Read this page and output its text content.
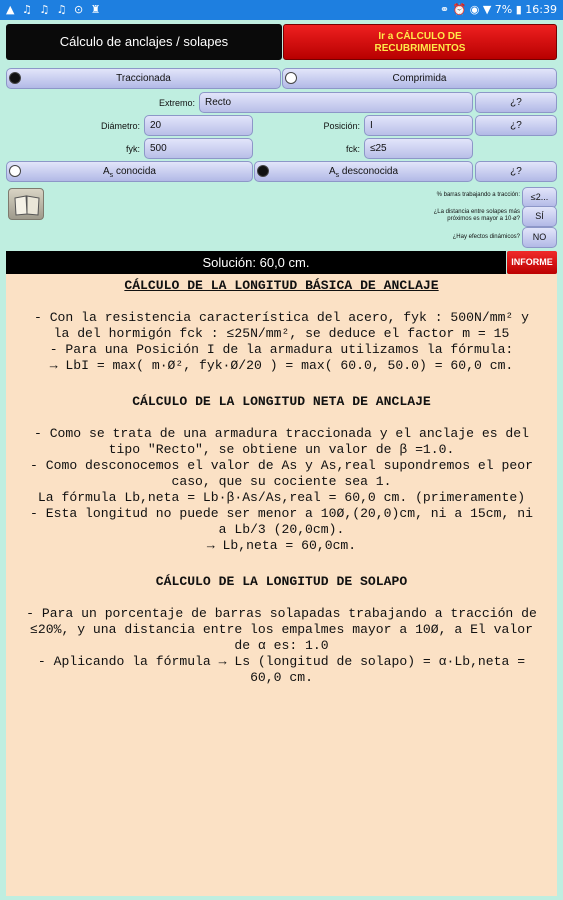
▲ ♫ ♫ ♫ ⊙ ♜	⚭ ⏰ ◉ ▼ 7% ▮ 16:39
Cálculo de anclajes / solapes	Ir a CÁLCULO DE
RECUBRIMIENTOS
Traccionada	Comprimida
Extremo:	Recto	¿?
Diámetro:	20	Posición:	I	¿?
fyk:	500	fck:	≤25
$A_s$ conocida	$A_s$ desconocida	¿?
% barras trabajando a tracción:	≤2...
¿La distancia entre solapes más
próximos es mayor a 10∙ø?	SÍ
¿Hay efectos dinámicos?	NO
Solución: 60,0 cm.	INFORME

CÁLCULO DE LA LONGITUD BÁSICA DE ANCLAJE

- Con la resistencia característica del acero, fyk : 500N/mm² y

la del hormigón fck : ≤25N/mm², se deduce el factor m = 15

- Para una Posición I de la armadura utilizamos la fórmula:

→ LbI = max( m·Ø², fyk·Ø/20 ) = max( 60.0, 50.0) = 60,0 cm.

CÁLCULO DE LA LONGITUD NETA DE ANCLAJE

- Como se trata de una armadura traccionada y el anclaje es del

tipo "Recto", se obtiene un valor de β =1.0.

- Como desconocemos el valor de As y As,real supondremos el peor

caso, que su cociente sea 1.

La fórmula Lb,neta = Lb·β·As/As,real = 60,0 cm. (primeramente)

- Esta longitud no puede ser menor a 10Ø,(20,0)cm, ni a 15cm, ni

a Lb/3 (20,0cm).

→ Lb,neta = 60,0cm.

CÁLCULO DE LA LONGITUD DE SOLAPO

- Para un porcentaje de barras solapadas trabajando a tracción de

≤20%, y una distancia entre los empalmes mayor a 10Ø, a El valor

de α es: 1.0

- Aplicando la fórmula → Ls (longitud de solapo) = α·Lb,neta =

60,0 cm.
